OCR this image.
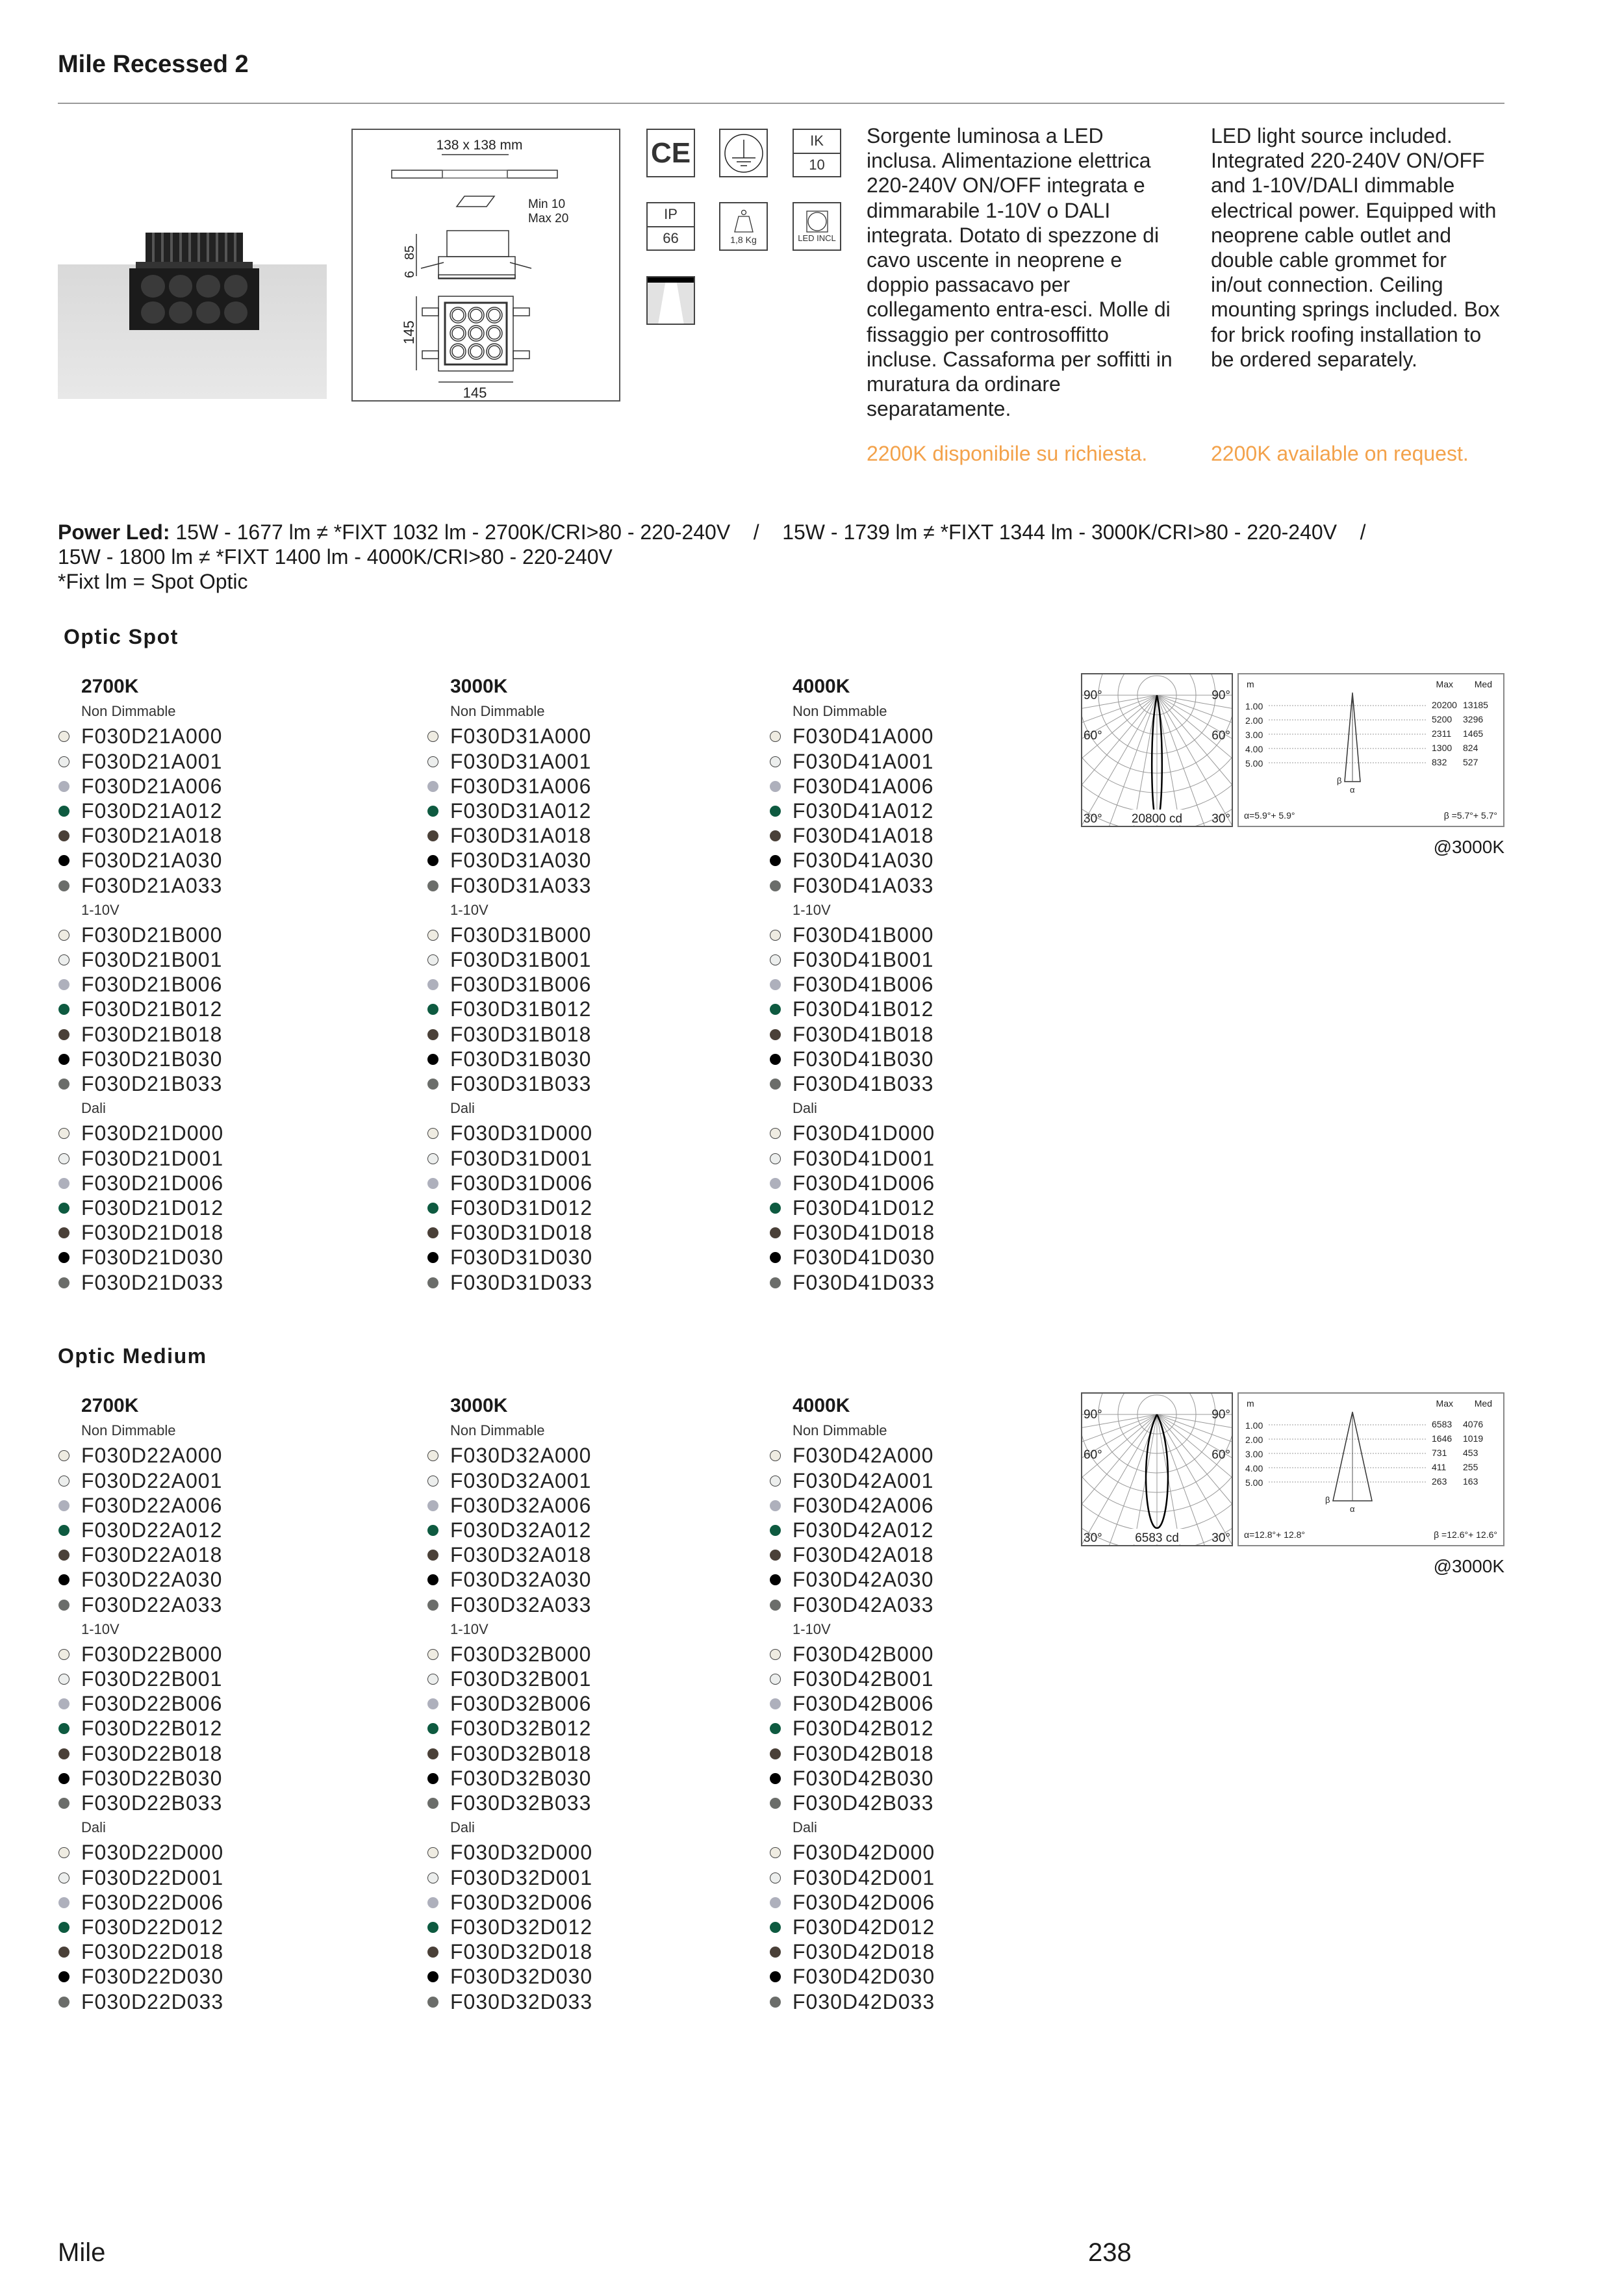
Mile Recessed 2
138 x 138 mm
Min 10
Max 20
85
6
145
145
CE	IK
10
IP
66	1,8 Kg	LED INCL
Sorgente luminosa a LED inclusa. Alimentazione elettrica 220-240V ON/OFF integrata e dimmarabile 1-10V o DALI integrata. Dotato di spezzone di cavo uscente in neoprene e doppio passacavo per collegamento entra-esci. Molle di fissaggio per controsoffitto incluse. Cassaforma per soffitti in muratura da ordinare separatamente.
LED light source included. Integrated 220-240V ON/OFF and 1-10V/DALI dimmable electrical power. Equipped with neoprene cable outlet and double cable grommet for in/out connection. Ceiling mounting springs included. Box for brick roofing installation to be ordered separately.
2200K disponibile su richiesta.	2200K available on request.
Power Led: 15W - 1677 lm ≠ *FIXT 1032 lm - 2700K/CRI>80 - 220-240V    /    15W - 1739 lm ≠ *FIXT 1344 lm - 3000K/CRI>80 - 220-240V    /
15W - 1800 lm ≠ *FIXT 1400 lm - 4000K/CRI>80 - 220-240V
*Fixt lm = Spot Optic
Optic Spot
2700K
Non Dimmable
F030D21A000
F030D21A001
F030D21A006
F030D21A012
F030D21A018
F030D21A030
F030D21A033
1-10V
F030D21B000
F030D21B001
F030D21B006
F030D21B012
F030D21B018
F030D21B030
F030D21B033
Dali
F030D21D000
F030D21D001
F030D21D006
F030D21D012
F030D21D018
F030D21D030
F030D21D033
3000K
Non Dimmable
F030D31A000
F030D31A001
F030D31A006
F030D31A012
F030D31A018
F030D31A030
F030D31A033
1-10V
F030D31B000
F030D31B001
F030D31B006
F030D31B012
F030D31B018
F030D31B030
F030D31B033
Dali
F030D31D000
F030D31D001
F030D31D006
F030D31D012
F030D31D018
F030D31D030
F030D31D033
4000K
Non Dimmable
F030D41A000
F030D41A001
F030D41A006
F030D41A012
F030D41A018
F030D41A030
F030D41A033
1-10V
F030D41B000
F030D41B001
F030D41B006
F030D41B012
F030D41B018
F030D41B030
F030D41B033
Dali
F030D41D000
F030D41D001
F030D41D006
F030D41D012
F030D41D018
F030D41D030
F030D41D033
90°	90°
60°	60°
30°	30°
20800 cd
m	Max Med
1.00	20200 13185
2.00	5200 3296
3.00	2311 1465
4.00	1300 824
5.00	832 527
β
α
α=5.9°+ 5.9°	β =5.7°+ 5.7°
@3000K
Optic Medium
2700K
Non Dimmable
F030D22A000
F030D22A001
F030D22A006
F030D22A012
F030D22A018
F030D22A030
F030D22A033
1-10V
F030D22B000
F030D22B001
F030D22B006
F030D22B012
F030D22B018
F030D22B030
F030D22B033
Dali
F030D22D000
F030D22D001
F030D22D006
F030D22D012
F030D22D018
F030D22D030
F030D22D033
3000K
Non Dimmable
F030D32A000
F030D32A001
F030D32A006
F030D32A012
F030D32A018
F030D32A030
F030D32A033
1-10V
F030D32B000
F030D32B001
F030D32B006
F030D32B012
F030D32B018
F030D32B030
F030D32B033
Dali
F030D32D000
F030D32D001
F030D32D006
F030D32D012
F030D32D018
F030D32D030
F030D32D033
4000K
Non Dimmable
F030D42A000
F030D42A001
F030D42A006
F030D42A012
F030D42A018
F030D42A030
F030D42A033
1-10V
F030D42B000
F030D42B001
F030D42B006
F030D42B012
F030D42B018
F030D42B030
F030D42B033
Dali
F030D42D000
F030D42D001
F030D42D006
F030D42D012
F030D42D018
F030D42D030
F030D42D033
90°	90°
60°	60°
30°	30°
6583 cd
m	Max Med
1.00	6583 4076
2.00	1646 1019
3.00	731 453
4.00	411 255
5.00	263 163
β
α
α=12.8°+ 12.8°	β =12.6°+ 12.6°
@3000K
Mile	238
